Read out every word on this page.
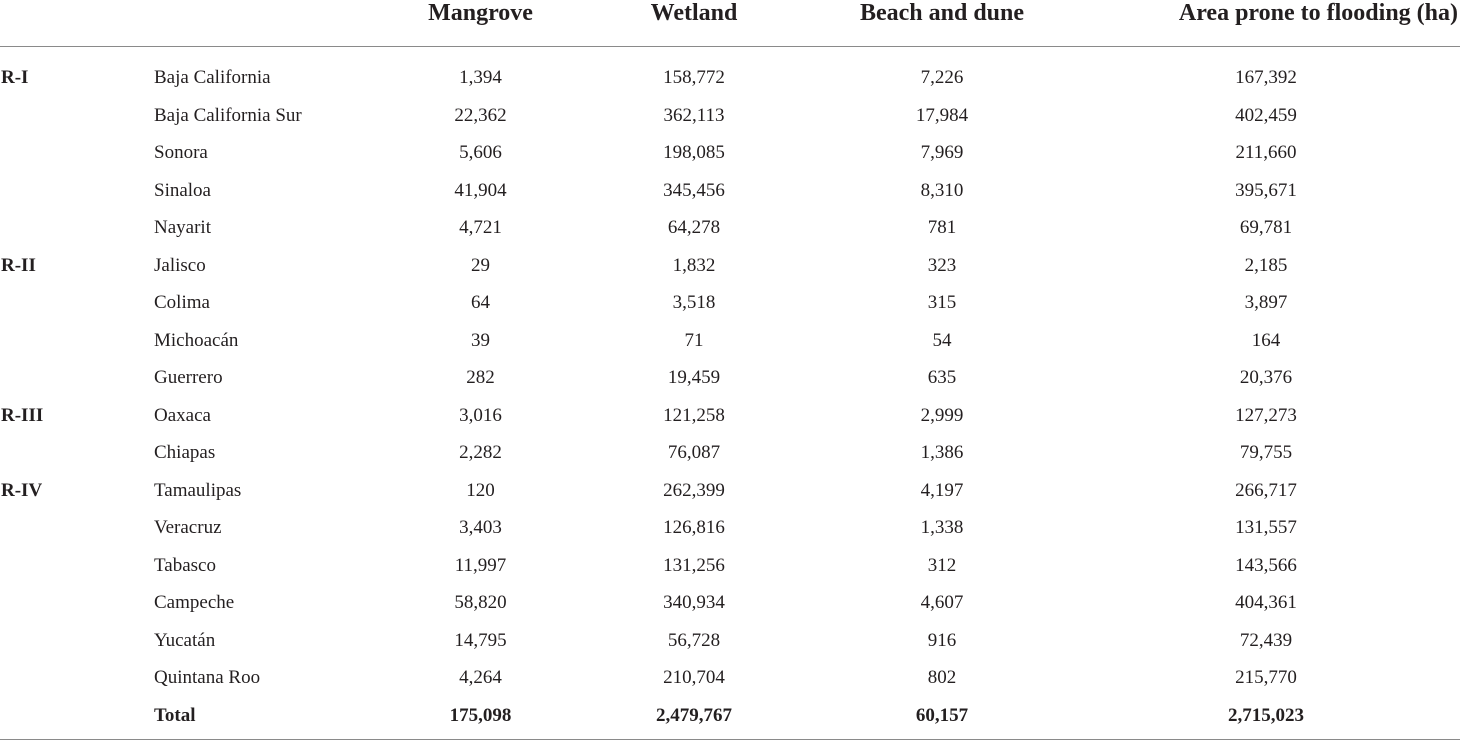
		Mangrove	Wetland	Beach and dune	Area prone to flooding (ha)
R-I	Baja California	1,394	158,772	7,226	167,392
	Baja California Sur	22,362	362,113	17,984	402,459
	Sonora	5,606	198,085	7,969	211,660
	Sinaloa	41,904	345,456	8,310	395,671
	Nayarit	4,721	64,278	781	69,781
R-II	Jalisco	29	1,832	323	2,185
	Colima	64	3,518	315	3,897
	Michoacán	39	71	54	164
	Guerrero	282	19,459	635	20,376
R-III	Oaxaca	3,016	121,258	2,999	127,273
	Chiapas	2,282	76,087	1,386	79,755
R-IV	Tamaulipas	120	262,399	4,197	266,717
	Veracruz	3,403	126,816	1,338	131,557
	Tabasco	11,997	131,256	312	143,566
	Campeche	58,820	340,934	4,607	404,361
	Yucatán	14,795	56,728	916	72,439
	Quintana Roo	4,264	210,704	802	215,770
	Total	175,098	2,479,767	60,157	2,715,023
